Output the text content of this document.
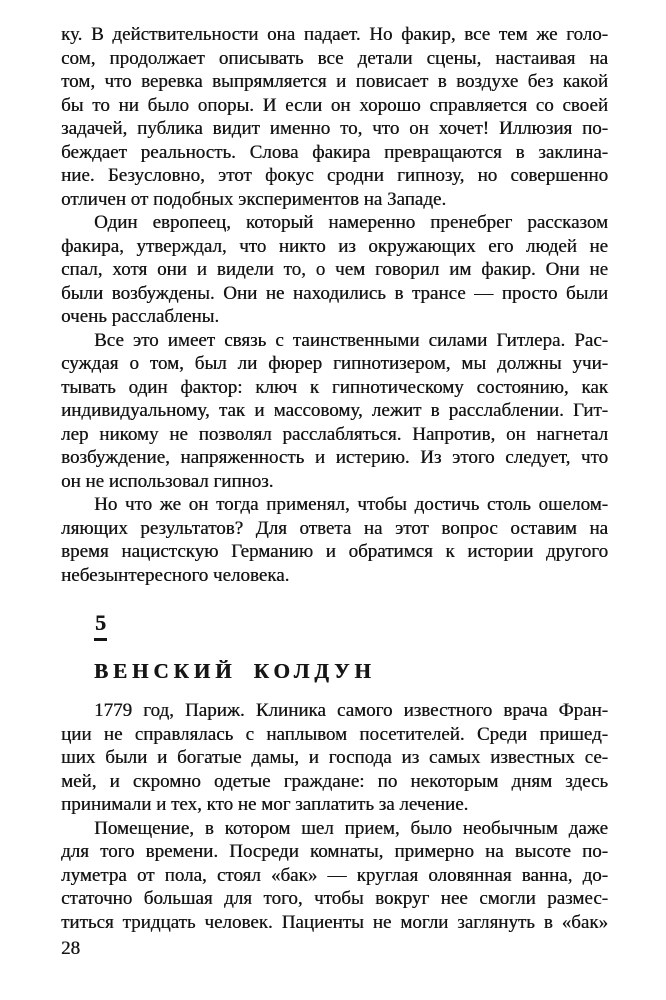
ку. В действительности она падает. Но факир, все тем же голо-
сом, продолжает описывать все детали сцены, настаивая на
том, что веревка выпрямляется и повисает в воздухе без какой
бы то ни было опоры. И если он хорошо справляется со своей
задачей, публика видит именно то, что он хочет! Иллюзия по-
беждает реальность. Слова факира превращаются в заклина-
ние. Безусловно, этот фокус сродни гипнозу, но совершенно
отличен от подобных экспериментов на Западе.
Один европеец, который намеренно пренебрег рассказом
факира, утверждал, что никто из окружающих его людей не
спал, хотя они и видели то, о чем говорил им факир. Они не
были возбуждены. Они не находились в трансе — просто были
очень расслаблены.
Все это имеет связь с таинственными силами Гитлера. Рас-
суждая о том, был ли фюрер гипнотизером, мы должны учи-
тывать один фактор: ключ к гипнотическому состоянию, как
индивидуальному, так и массовому, лежит в расслаблении. Гит-
лер никому не позволял расслабляться. Напротив, он нагнетал
возбуждение, напряженность и истерию. Из этого следует, что
он не использовал гипноз.
Но что же он тогда применял, чтобы достичь столь ошелом-
ляющих результатов? Для ответа на этот вопрос оставим на
время нацистскую Германию и обратимся к истории другого
небезынтересного человека.
5
ВЕНСКИЙ КОЛДУН
1779 год, Париж. Клиника самого известного врача Фран-
ции не справлялась с наплывом посетителей. Среди пришед-
ших были и богатые дамы, и господа из самых известных се-
мей, и скромно одетые граждане: по некоторым дням здесь
принимали и тех, кто не мог заплатить за лечение.
Помещение, в котором шел прием, было необычным даже
для того времени. Посреди комнаты, примерно на высоте по-
луметра от пола, стоял «бак» — круглая оловянная ванна, до-
статочно большая для того, чтобы вокруг нее смогли размес-
титься тридцать человек. Пациенты не могли заглянуть в «бак»
28
